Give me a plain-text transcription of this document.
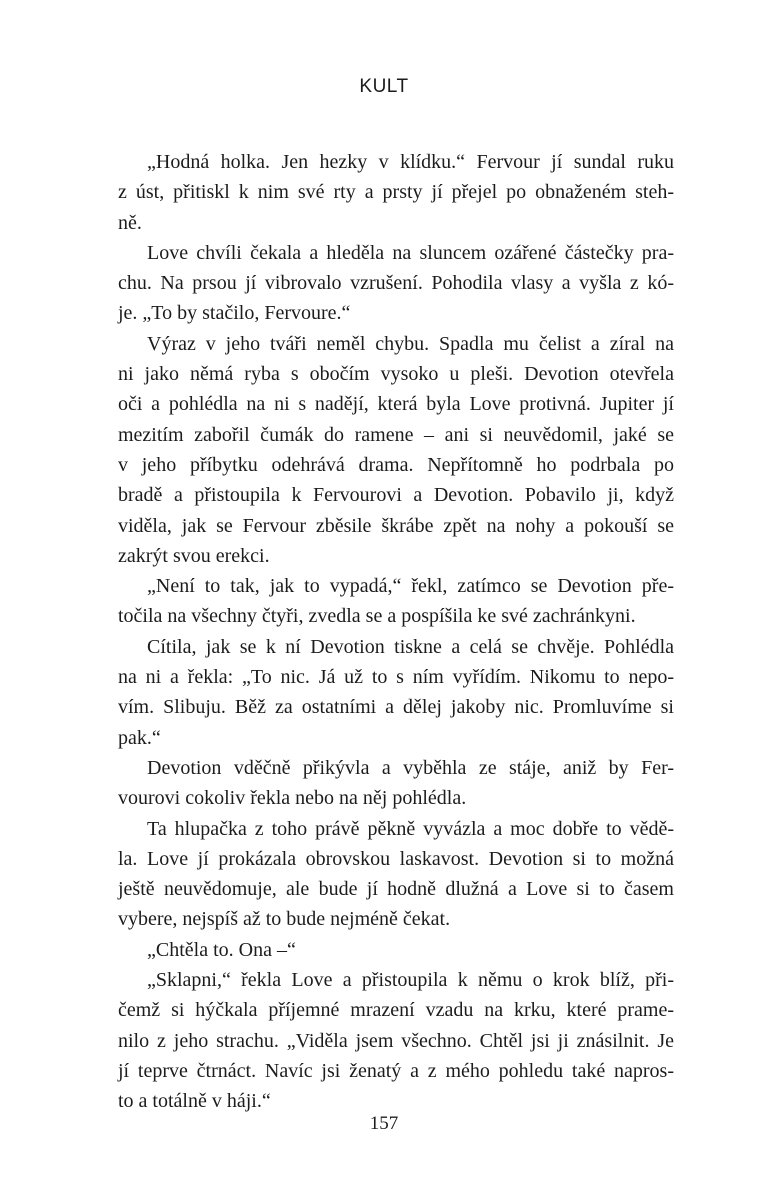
KULT
„Hodná holka. Jen hezky v klídku.“ Fervour jí sundal ruku
z úst, přitiskl k nim své rty a prsty jí přejel po obnaženém steh-
ně.
Love chvíli čekala a hleděla na sluncem ozářené částečky pra-
chu. Na prsou jí vibrovalo vzrušení. Pohodila vlasy a vyšla z kó-
je. „To by stačilo, Fervoure.“
Výraz v jeho tváři neměl chybu. Spadla mu čelist a zíral na
ni jako němá ryba s obočím vysoko u pleši. Devotion otevřela
oči a pohlédla na ni s nadějí, která byla Love protivná. Jupiter jí
mezitím zabořil čumák do ramene – ani si neuvědomil, jaké se
v jeho příbytku odehrává drama. Nepřítomně ho podrbala po
bradě a přistoupila k Fervourovi a Devotion. Pobavilo ji, když
viděla, jak se Fervour zběsile škrábe zpět na nohy a pokouší se
zakrýt svou erekci.
„Není to tak, jak to vypadá,“ řekl, zatímco se Devotion pře-
točila na všechny čtyři, zvedla se a pospíšila ke své zachránkyni.
Cítila, jak se k ní Devotion tiskne a celá se chvěje. Pohlédla
na ni a řekla: „To nic. Já už to s ním vyřídím. Nikomu to nepo-
vím. Slibuju. Běž za ostatními a dělej jakoby nic. Promluvíme si
pak.“
Devotion vděčně přikývla a vyběhla ze stáje, aniž by Fer-
vourovi cokoliv řekla nebo na něj pohlédla.
Ta hlupačka z toho právě pěkně vyvázla a moc dobře to vědě-
la. Love jí prokázala obrovskou laskavost. Devotion si to možná
ještě neuvědomuje, ale bude jí hodně dlužná a Love si to časem
vybere, nejspíš až to bude nejméně čekat.
„Chtěla to. Ona –“
„Sklapni,“ řekla Love a přistoupila k němu o krok blíž, při-
čemž si hýčkala příjemné mrazení vzadu na krku, které prame-
nilo z jeho strachu. „Viděla jsem všechno. Chtěl jsi ji znásilnit. Je
jí teprve čtrnáct. Navíc jsi ženatý a z mého pohledu také napros-
to a totálně v háji.“
157
